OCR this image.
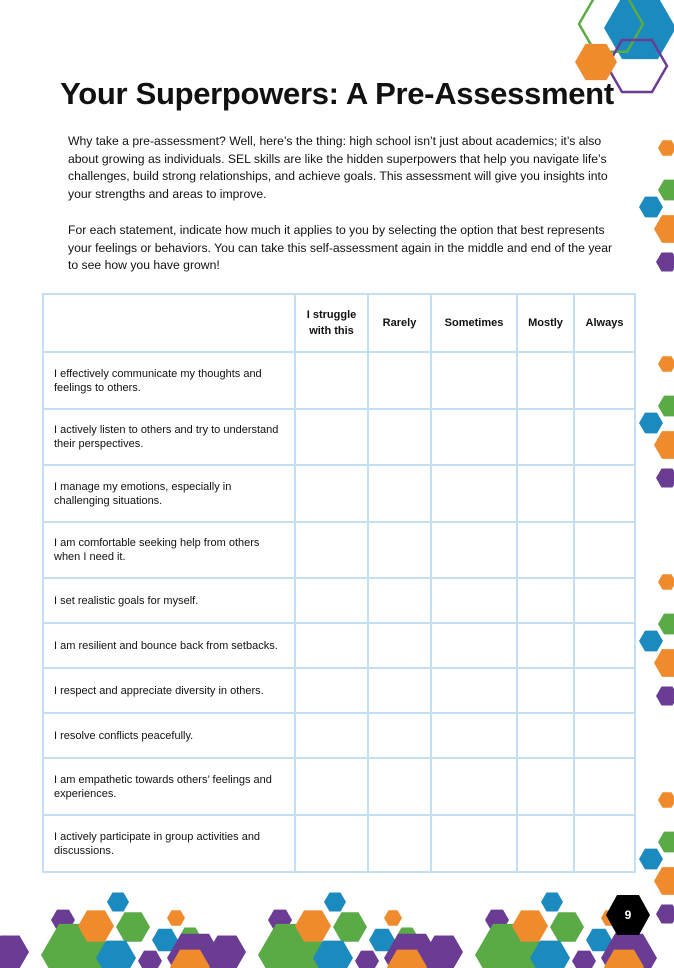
Your Superpowers: A Pre-Assessment

Why take a pre-assessment? Well, here’s the thing: high school isn’t just about academics; it’s also about growing as individuals. SEL skills are like the hidden superpowers that help you navigate life’s challenges, build strong relationships, and achieve goals. This assessment will give you insights into your strengths and areas to improve.

For each statement, indicate how much it applies to you by selecting the option that best represents your feelings or behaviors. You can take this self-assessment again in the middle and end of the year to see how you have grown!

	I struggle with this	Rarely	Sometimes	Mostly	Always
I effectively communicate my thoughts and feelings to others.					
I actively listen to others and try to understand their perspectives.					
I manage my emotions, especially in challenging situations.					
I am comfortable seeking help from others when I need it.					
I set realistic goals for myself.					
I am resilient and bounce back from setbacks.					
I respect and appreciate diversity in others.					
I resolve conflicts peacefully.					
I am empathetic towards others’ feelings and experiences.					
I actively participate in group activities and discussions.					
9
